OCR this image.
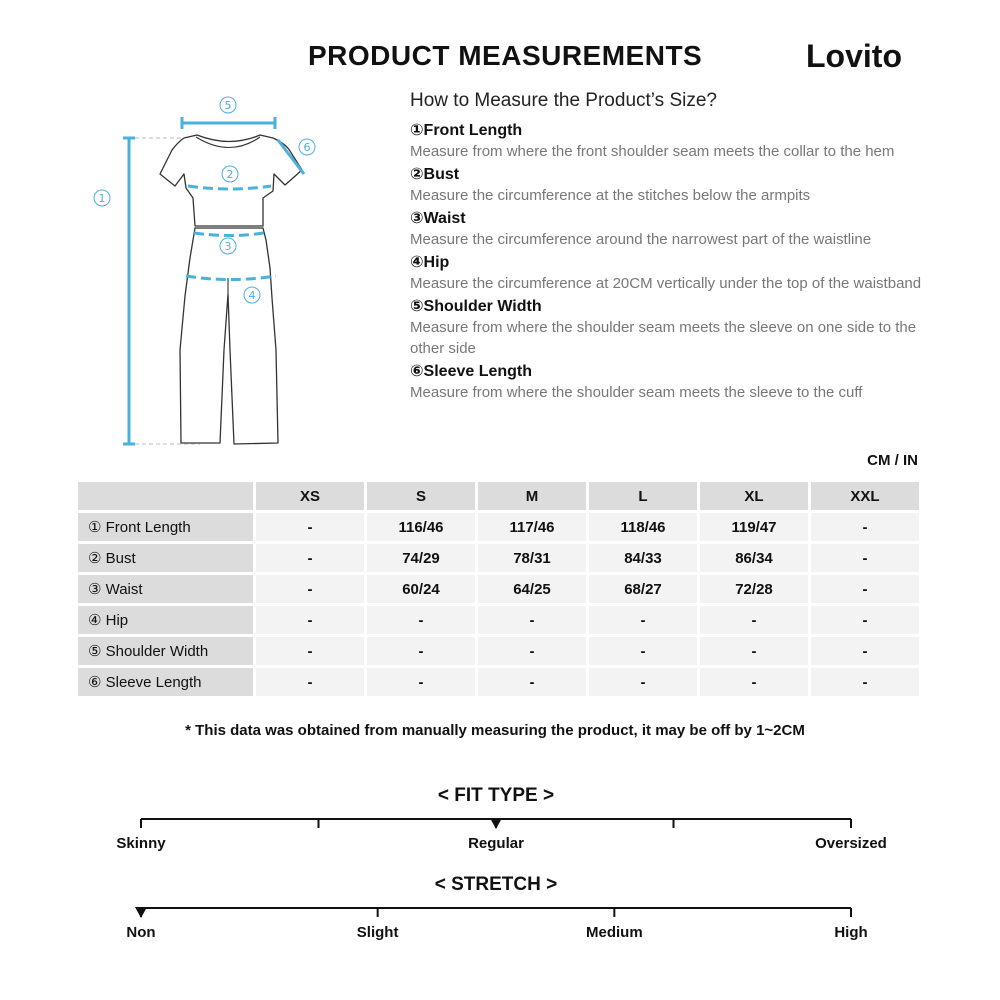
PRODUCT MEASUREMENTS	Lovito
1
2
3
4
5
6
How to Measure the Product’s Size?
①Front Length
Measure from where the front shoulder seam meets the collar to the hem
②Bust
Measure the circumference at the stitches below the armpits
③Waist
Measure the circumference around the narrowest part of the waistline
④Hip
Measure the circumference at 20CM vertically under the top of the waistband
⑤Shoulder Width
Measure from where the shoulder seam meets the sleeve on one side to the other side
⑥Sleeve Length
Measure from where the shoulder seam meets the sleeve to the cuff
CM / IN
	XS	S	M	L	XL	XXL
① Front Length	-	116/46	117/46	118/46	119/47	-
② Bust	-	74/29	78/31	84/33	86/34	-
③ Waist	-	60/24	64/25	68/27	72/28	-
④ Hip	-	-	-	-	-	-
⑤ Shoulder Width	-	-	-	-	-	-
⑥ Sleeve Length	-	-	-	-	-	-
* This data was obtained from manually measuring the product, it may be off by 1~2CM
< FIT TYPE >
Skinny	Regular	Oversized
< STRETCH >
Non	Slight	Medium	High
